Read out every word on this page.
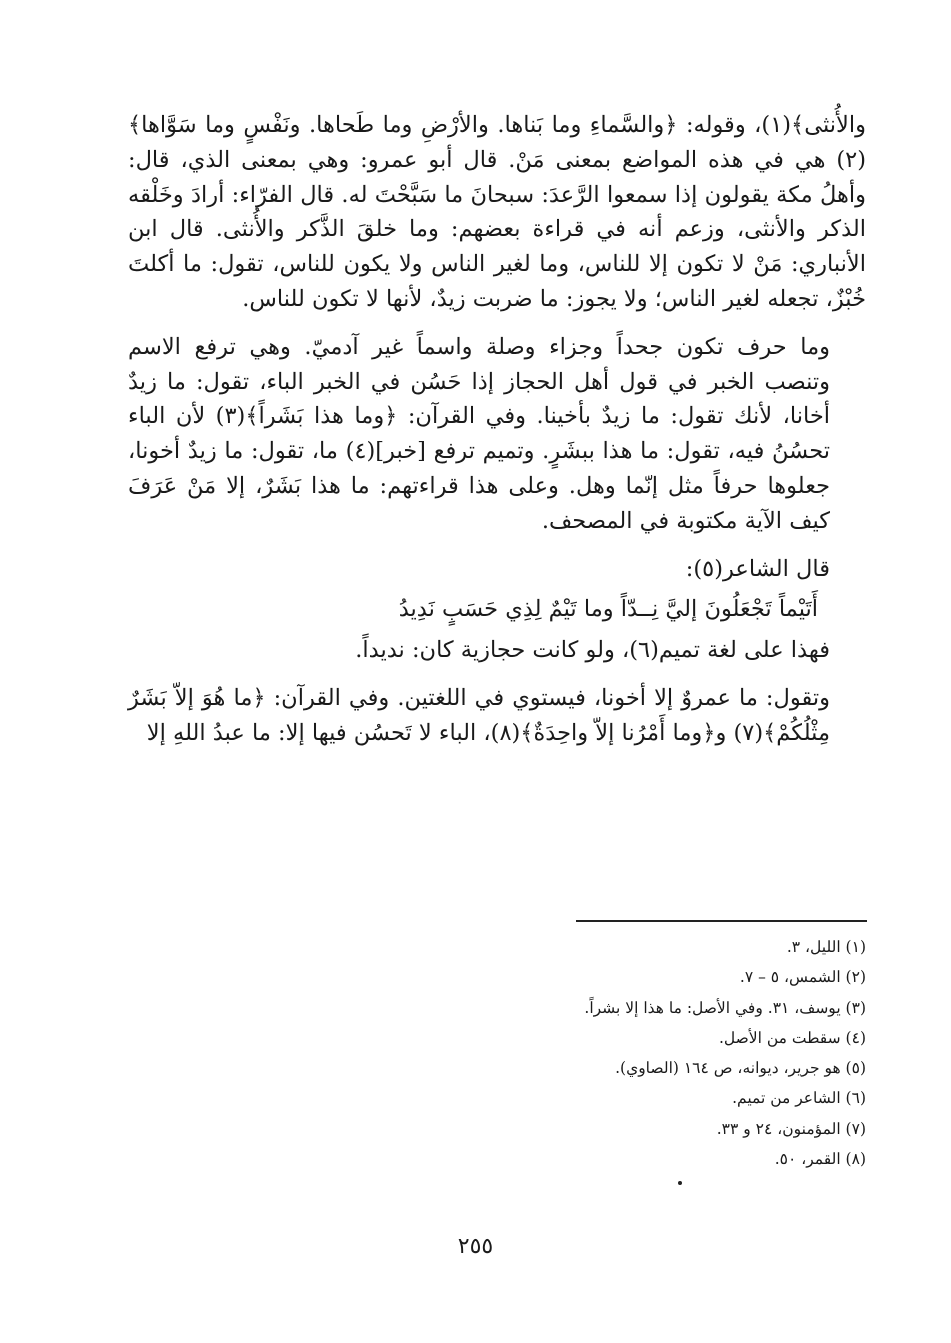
والأُنثى﴾(١)، وقوله: ﴿والسَّماءِ وما بَناها. والأرْضِ وما طَحاها. ونَفْسٍ وما سَوَّاها﴾(٢) هي في هذه المواضع بمعنى مَنْ. قال أبو عمرو: وهي بمعنى الذي، قال: وأهلُ مكة يقولون إذا سمعوا الرَّعدَ: سبحانَ ما سَبَّحْتَ له. قال الفرّاء: أرادَ وخَلْقه الذكر والأنثى، وزعم أنه في قراءة بعضهم: وما خلقَ الذَّكر والأُنثى. قال ابن الأنباري: مَنْ لا تكون إلا للناس، وما لغير الناس ولا يكون للناس، تقول: ما أكلتَ خُبْزٌ، تجعله لغير الناس؛ ولا يجوز: ما ضربت زيدٌ، لأنها لا تكون للناس.

وما حرف تكون جحداً وجزاء وصلة واسماً غير آدميّ. وهي ترفع الاسم وتنصب الخبر في قول أهل الحجاز إذا حَسُن في الخبر الباء، تقول: ما زيدٌ أخانا، لأنك تقول: ما زيدٌ بأخينا. وفي القرآن: ﴿وما هذا بَشَراً﴾(٣) لأن الباء تحسُنُ فيه، تقول: ما هذا ببشَرٍ. وتميم ترفع [خبر](٤) ما، تقول: ما زيدٌ أخونا، جعلوها حرفاً مثل إنّما وهل. وعلى هذا قراءتهم: ما هذا بَشَرٌ، إلا مَنْ عَرَفَ كيف الآية مكتوبة في المصحف.

قال الشاعر(٥):

أَتَيْماً تَجْعَلُونَ إليَّ نِــدّاً وما تَيْمٌ لِذِي حَسَبٍ نَدِيدُ

فهذا على لغة تميم(٦)، ولو كانت حجازية كان: نديداً.

وتقول: ما عمروٌ إلا أخونا، فيستوي في اللغتين. وفي القرآن: ﴿ما هُوَ إلاّ بَشَرٌ مِثْلُكُمْ﴾(٧) و﴿وما أَمْرُنا إلاّ واحِدَةٌ﴾(٨)، الباء لا تَحسُن فيها إلا: ما عبدُ اللهِ إلا

(١) الليل، ٣.

(٢) الشمس، ٥ – ٧.

(٣) يوسف، ٣١. وفي الأصل: ما هذا إلا بشراً.

(٤) سقطت من الأصل.

(٥) هو جرير، ديوانه، ص ١٦٤ (الصاوي).

(٦) الشاعر من تميم.

(٧) المؤمنون، ٢٤ و ٣٣.

(٨) القمر، ٥٠.

٢٥٥
